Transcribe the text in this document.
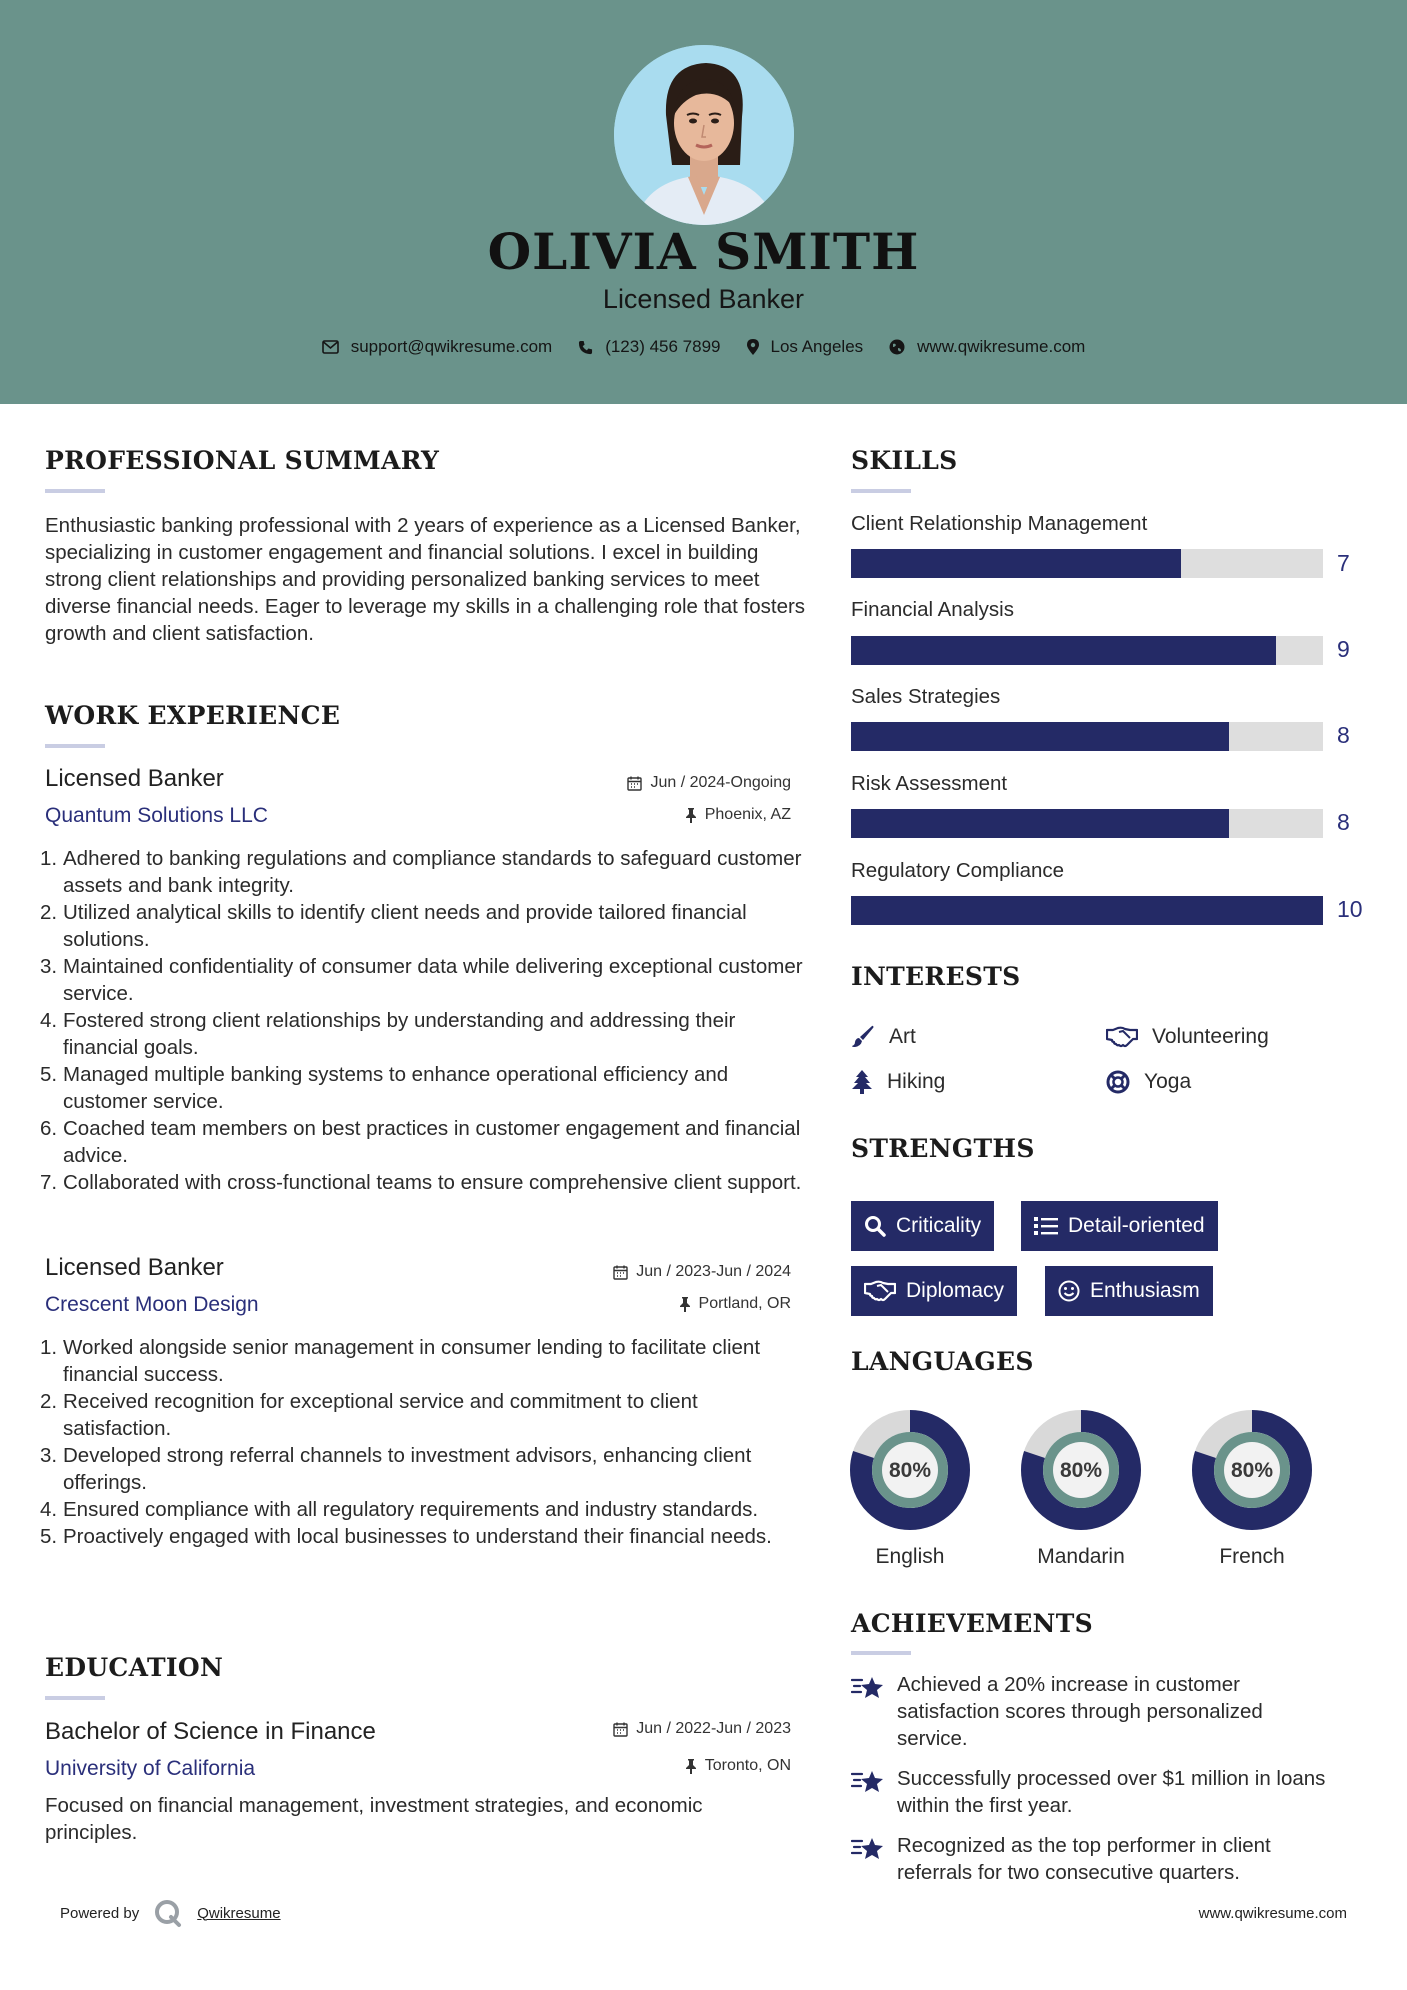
OLIVIA SMITH
Licensed Banker
support@qwikresume.com	(123) 456 7899	Los Angeles	www.qwikresume.com
PROFESSIONAL SUMMARY
Enthusiastic banking professional with 2 years of experience as a Licensed Banker, specializing in customer engagement and financial solutions. I excel in building strong client relationships and providing personalized banking services to meet diverse financial needs. Eager to leverage my skills in a challenging role that fosters growth and client satisfaction.
WORK EXPERIENCE
Licensed Banker
Quantum Solutions LLC
Jun / 2024-Ongoing
Phoenix, AZ
1. Adhered to banking regulations and compliance standards to safeguard customer assets and bank integrity.
2. Utilized analytical skills to identify client needs and provide tailored financial solutions.
3. Maintained confidentiality of consumer data while delivering exceptional customer service.
4. Fostered strong client relationships by understanding and addressing their financial goals.
5. Managed multiple banking systems to enhance operational efficiency and customer service.
6. Coached team members on best practices in customer engagement and financial advice.
7. Collaborated with cross-functional teams to ensure comprehensive client support.
Licensed Banker
Crescent Moon Design
Jun / 2023-Jun / 2024
Portland, OR
1. Worked alongside senior management in consumer lending to facilitate client financial success.
2. Received recognition for exceptional service and commitment to client satisfaction.
3. Developed strong referral channels to investment advisors, enhancing client offerings.
4. Ensured compliance with all regulatory requirements and industry standards.
5. Proactively engaged with local businesses to understand their financial needs.
EDUCATION
Bachelor of Science in Finance
University of California
Jun / 2022-Jun / 2023
Toronto, ON
Focused on financial management, investment strategies, and economic principles.
SKILLS
Client Relationship Management
7
Financial Analysis
9
Sales Strategies
8
Risk Assessment
8
Regulatory Compliance
10
INTERESTS
Art	Volunteering
Hiking	Yoga
STRENGTHS
Criticality	Detail-oriented
Diplomacy	Enthusiasm
LANGUAGES
80%
English
80%
Mandarin
80%
French
ACHIEVEMENTS
Achieved a 20% increase in customer satisfaction scores through personalized service.
Successfully processed over $1 million in loans within the first year.
Recognized as the top performer in client referrals for two consecutive quarters.
Powered by	Qwikresume	www.qwikresume.com
